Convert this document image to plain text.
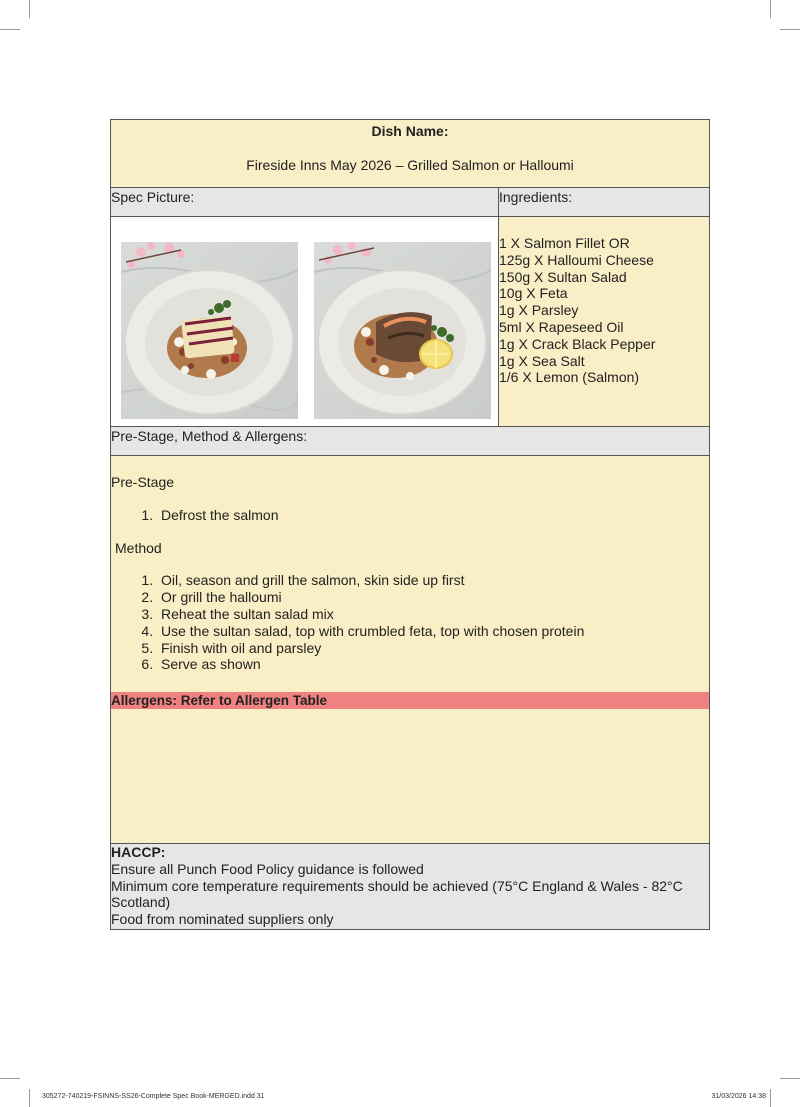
Dish Name:
Fireside Inns May 2026 – Grilled Salmon or Halloumi
Spec Picture:	Ingredients:
1 X Salmon Fillet OR
125g X Halloumi Cheese
150g X Sultan Salad
10g X Feta
1g X Parsley
5ml X Rapeseed Oil
1g X Crack Black Pepper
1g X Sea Salt
1/6 X Lemon (Salmon)
Pre-Stage, Method & Allergens:
Pre-Stage
1. Defrost the salmon
Method
1. Oil, season and grill the salmon, skin side up first
2. Or grill the halloumi
3. Reheat the sultan salad mix
4. Use the sultan salad, top with crumbled feta, top with chosen protein
5. Finish with oil and parsley
6. Serve as shown
Allergens: Refer to Allergen Table
HACCP:
Ensure all Punch Food Policy guidance is followed
Minimum core temperature requirements should be achieved (75°C England & Wales - 82°C Scotland)
Food from nominated suppliers only
305272-740219-FSINNS-SS26-Complete Spec Book-MERGED.indd 31	31/03/2026 14:38
